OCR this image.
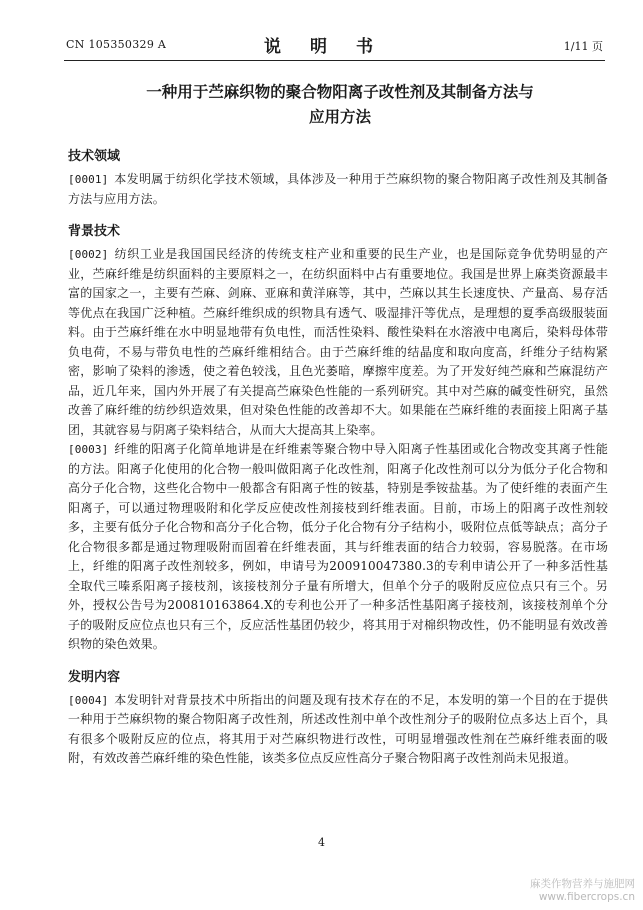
CN 105350329 A	说　明　书	1/11 页
一种用于苎麻织物的聚合物阳离子改性剂及其制备方法与
应用方法

技术领域

[0001] 本发明属于纺织化学技术领域，具体涉及一种用于苎麻织物的聚合物阳离子改性剂及其制备方法与应用方法。

背景技术

[0002] 纺织工业是我国国民经济的传统支柱产业和重要的民生产业，也是国际竞争优势明显的产业，苎麻纤维是纺织面料的主要原料之一，在纺织面料中占有重要地位。我国是世界上麻类资源最丰富的国家之一，主要有苎麻、剑麻、亚麻和黄洋麻等，其中，苎麻以其生长速度快、产量高、易存活等优点在我国广泛种植。苎麻纤维织成的织物具有透气、吸湿排汗等优点，是理想的夏季高级服装面料。由于苎麻纤维在水中明显地带有负电性，而活性染料、酸性染料在水溶液中电离后，染料母体带负电荷，不易与带负电性的苎麻纤维相结合。由于苎麻纤维的结晶度和取向度高，纤维分子结构紧密，影响了染料的渗透，使之着色较浅，且色光萎暗，摩擦牢度差。为了开发好纯苎麻和苎麻混纺产品，近几年来，国内外开展了有关提高苎麻染色性能的一系列研究。其中对苎麻的碱变性研究，虽然改善了麻纤维的纺纱织造效果，但对染色性能的改善却不大。如果能在苎麻纤维的表面接上阳离子基团，其就容易与阴离子染料结合，从而大大提高其上染率。

[0003] 纤维的阳离子化简单地讲是在纤维素等聚合物中导入阳离子性基团或化合物改变其离子性能的方法。阳离子化使用的化合物一般叫做阳离子化改性剂，阳离子化改性剂可以分为低分子化合物和高分子化合物，这些化合物中一般都含有阳离子性的铵基，特别是季铵盐基。为了使纤维的表面产生阳离子，可以通过物理吸附和化学反应使改性剂接枝到纤维表面。目前，市场上的阳离子改性剂较多，主要有低分子化合物和高分子化合物，低分子化合物有分子结构小，吸附位点低等缺点；高分子化合物很多都是通过物理吸附而固着在纤维表面，其与纤维表面的结合力较弱，容易脱落。在市场上，纤维的阳离子改性剂较多，例如，申请号为200910047380.3的专利申请公开了一种多活性基全取代三嗪系阳离子接枝剂，该接枝剂分子量有所增大，但单个分子的吸附反应位点只有三个。另外，授权公告号为200810163864.X的专利也公开了一种多活性基阳离子接枝剂，该接枝剂单个分子的吸附反应位点也只有三个，反应活性基团仍较少，将其用于对棉织物改性，仍不能明显有效改善织物的染色效果。

发明内容

[0004] 本发明针对背景技术中所指出的问题及现有技术存在的不足，本发明的第一个目的在于提供一种用于苎麻织物的聚合物阳离子改性剂，所述改性剂中单个改性剂分子的吸附位点多达上百个，具有很多个吸附反应的位点，将其用于对苎麻织物进行改性，可明显增强改性剂在苎麻纤维表面的吸附，有效改善苎麻纤维的染色性能，该类多位点反应性高分子聚合物阳离子改性剂尚未见报道。

4
麻类作物营养与施肥网
www.fibercrops.cn
